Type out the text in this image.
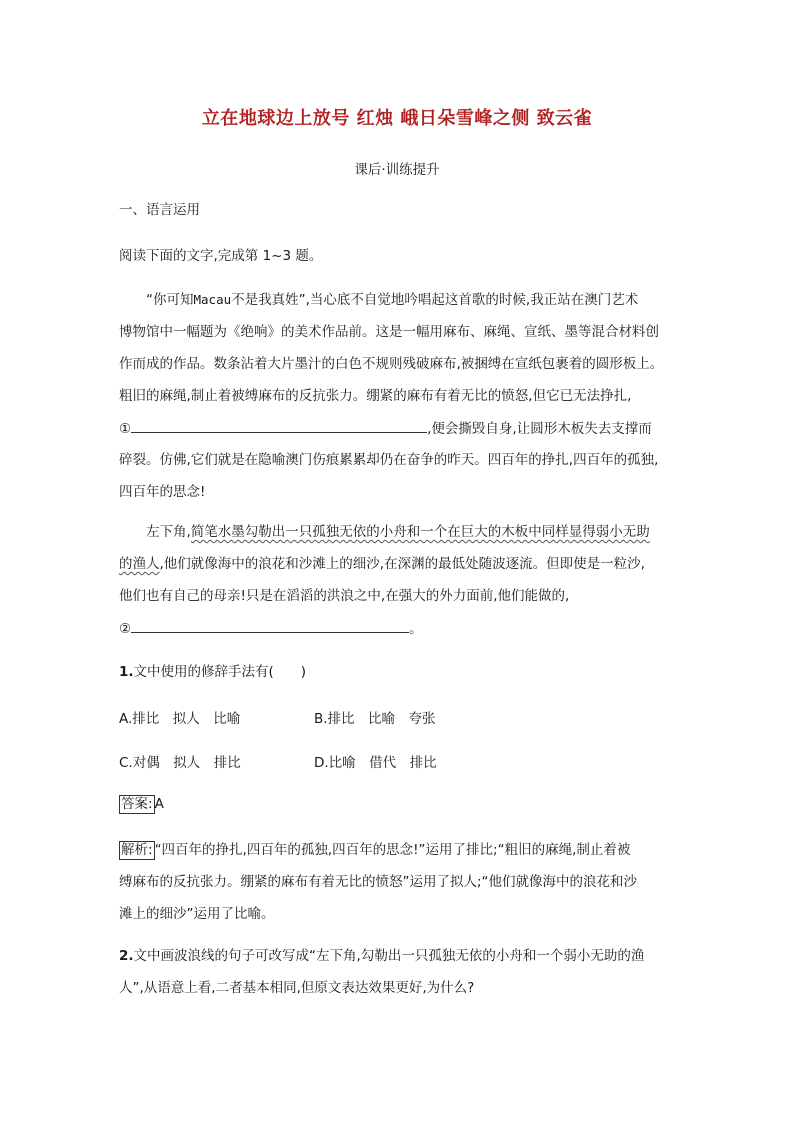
立在地球边上放号 红烛 峨日朵雪峰之侧 致云雀
课后·训练提升
一、语言运用
阅读下面的文字,完成第 1~3 题。
“你可知Macau不是我真姓”,当心底不自觉地吟唱起这首歌的时候,我正站在澳门艺术
博物馆中一幅题为《绝响》的美术作品前。这是一幅用麻布、麻绳、宣纸、墨等混合材料创
作而成的作品。数条沾着大片墨汁的白色不规则残破麻布,被捆缚在宣纸包裹着的圆形板上。
粗旧的麻绳,制止着被缚麻布的反抗张力。绷紧的麻布有着无比的愤怒,但它已无法挣扎,
①	,便会撕毁自身,让圆形木板失去支撑而
碎裂。仿佛,它们就是在隐喻澳门伤痕累累却仍在奋争的昨天。四百年的挣扎,四百年的孤独,
四百年的思念!
左下角,简笔水墨勾勒出一只孤独无依的小舟和一个在巨大的木板中同样显得弱小无助
的渔人,他们就像海中的浪花和沙滩上的细沙,在深渊的最低处随波逐流。但即使是一粒沙,
他们也有自己的母亲!只是在滔滔的洪浪之中,在强大的外力面前,他们能做的,
②	。
1.文中使用的修辞手法有(　　)
A.排比　拟人　比喻	B.排比　比喻　夸张
C.对偶　拟人　排比	D.比喻　借代　排比
答案: A
解析: “四百年的挣扎,四百年的孤独,四百年的思念!”运用了排比;“粗旧的麻绳,制止着被
缚麻布的反抗张力。绷紧的麻布有着无比的愤怒”运用了拟人;“他们就像海中的浪花和沙
滩上的细沙”运用了比喻。
2.文中画波浪线的句子可改写成“左下角,勾勒出一只孤独无依的小舟和一个弱小无助的渔
人”,从语意上看,二者基本相同,但原文表达效果更好,为什么?
